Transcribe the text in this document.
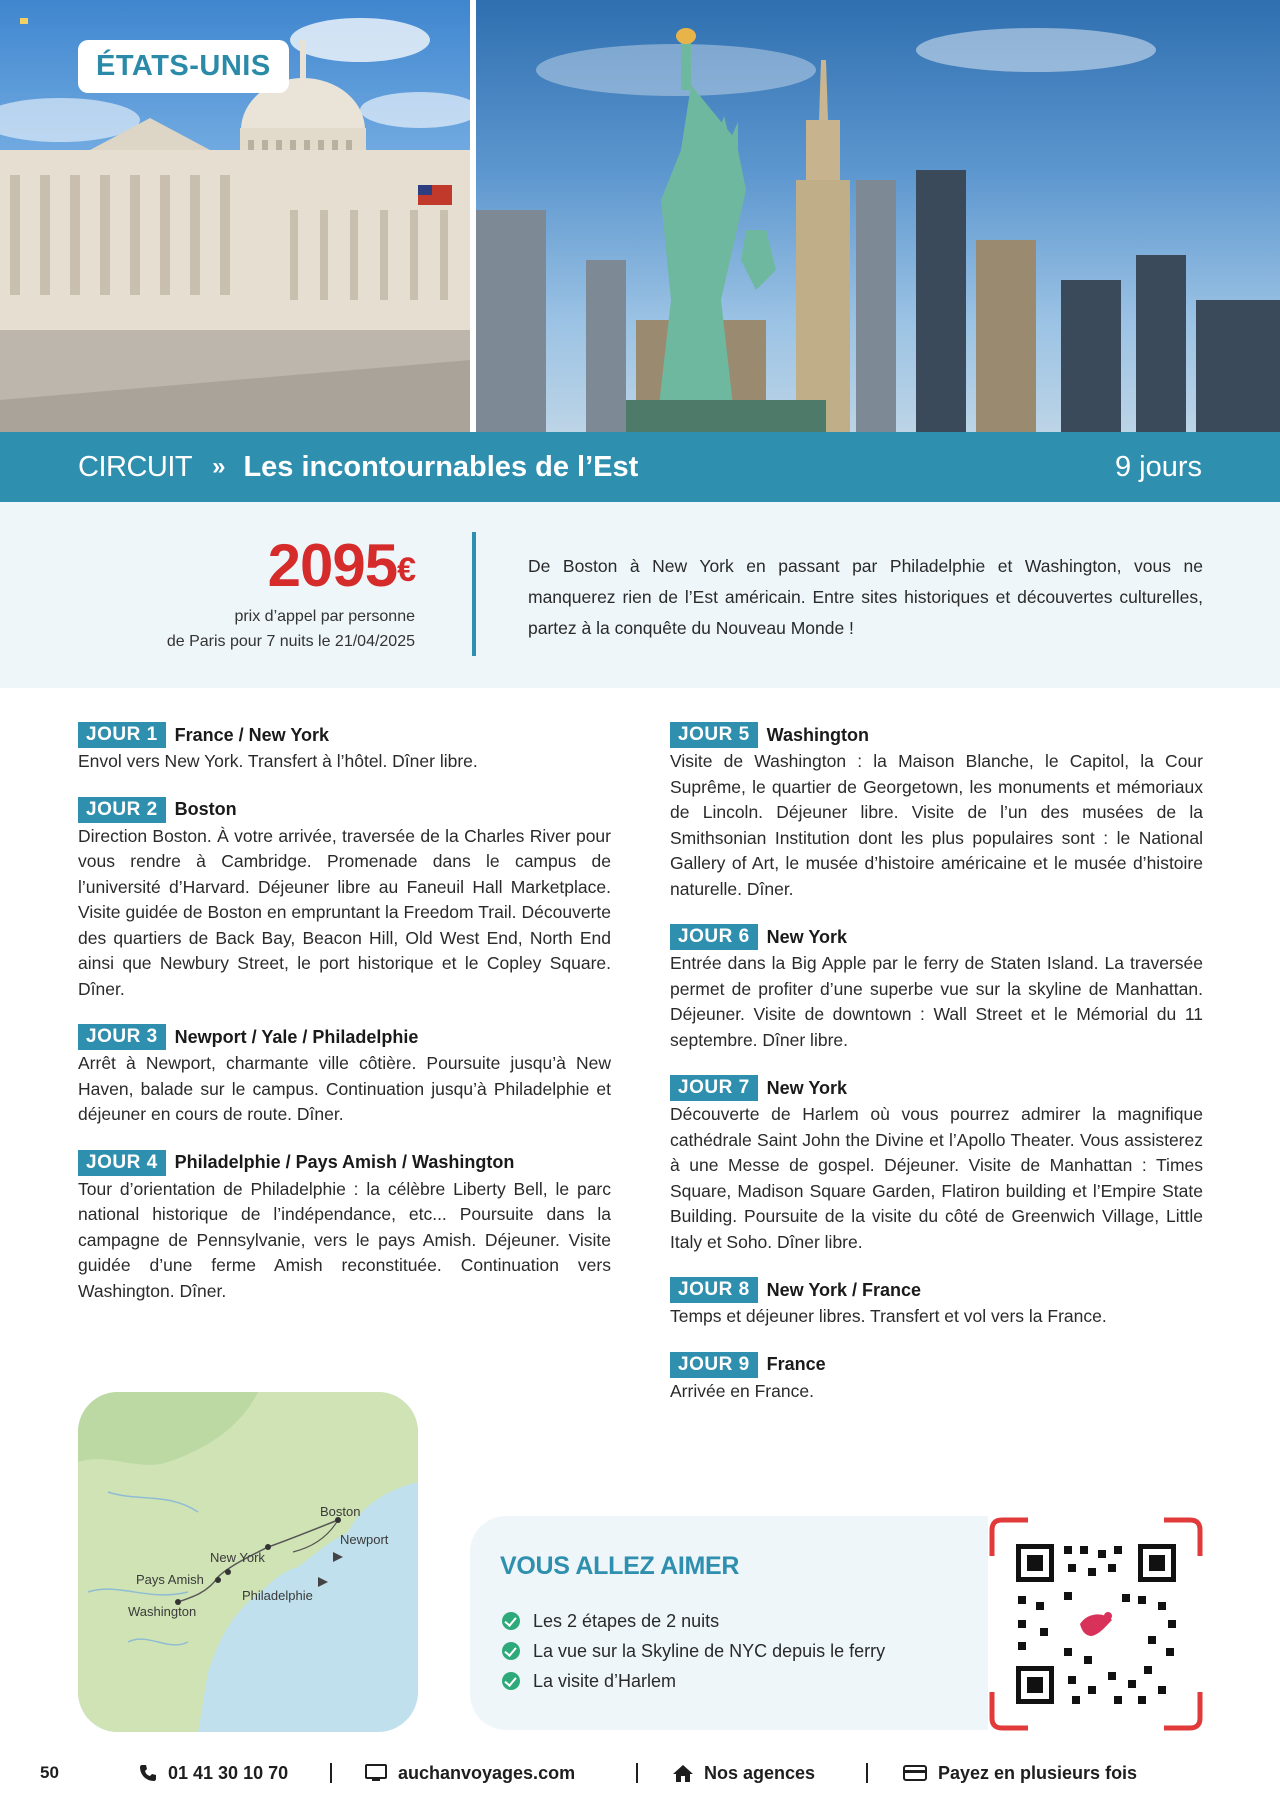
ÉTATS-UNIS
CIRCUIT » Les incontournables de l’Est	9 jours
2095€
prix d’appel par personne
de Paris pour 7 nuits le 21/04/2025
De Boston à New York en passant par Philadelphie et Washington, vous ne manquerez rien de l’Est américain. Entre sites historiques et découvertes culturelles, partez à la conquête du Nouveau Monde !
JOUR 1 France / New York
Envol vers New York. Transfert à l’hôtel. Dîner libre.
JOUR 2 Boston
Direction Boston. À votre arrivée, traversée de la Charles River pour vous rendre à Cambridge. Promenade dans le campus de l’université d’Harvard. Déjeuner libre au Faneuil Hall Marketplace. Visite guidée de Boston en empruntant la Freedom Trail. Découverte des quartiers de Back Bay, Beacon Hill, Old West End, North End ainsi que Newbury Street, le port historique et le Copley Square. Dîner.
JOUR 3 Newport / Yale / Philadelphie
Arrêt à Newport, charmante ville côtière. Poursuite jusqu’à New Haven, balade sur le campus. Continuation jusqu’à Philadelphie et déjeuner en cours de route. Dîner.
JOUR 4 Philadelphie / Pays Amish / Washington
Tour d’orientation de Philadelphie : la célèbre Liberty Bell, le parc national historique de l’indépendance, etc... Poursuite dans la campagne de Pennsylvanie, vers le pays Amish. Déjeuner. Visite guidée d’une ferme Amish reconstituée. Continuation vers Washington. Dîner.
JOUR 5 Washington
Visite de Washington : la Maison Blanche, le Capitol, la Cour Suprême, le quartier de Georgetown, les monuments et mémoriaux de Lincoln. Déjeuner libre. Visite de l’un des musées de la Smithsonian Institution dont les plus populaires sont : le National Gallery of Art, le musée d’histoire américaine et le musée d’histoire naturelle. Dîner.
JOUR 6 New York
Entrée dans la Big Apple par le ferry de Staten Island. La traversée permet de profiter d’une superbe vue sur la skyline de Manhattan. Déjeuner. Visite de downtown : Wall Street et le Mémorial du 11 septembre. Dîner libre.
JOUR 7 New York
Découverte de Harlem où vous pourrez admirer la magnifique cathédrale Saint John the Divine et l’Apollo Theater. Vous assisterez à une Messe de gospel. Déjeuner. Visite de Manhattan : Times Square, Madison Square Garden, Flatiron building et l’Empire State Building. Poursuite de la visite du côté de Greenwich Village, Little Italy et Soho. Dîner libre.
JOUR 8 New York / France
Temps et déjeuner libres. Transfert et vol vers la France.
JOUR 9 France
Arrivée en France.
Boston
Newport
New York
Pays Amish
Philadelphie
Washington
VOUS ALLEZ AIMER
Les 2 étapes de 2 nuits
La vue sur la Skyline de NYC depuis le ferry
La visite d’Harlem
50	01 41 30 10 70	auchanvoyages.com	Nos agences	Payez en plusieurs fois
